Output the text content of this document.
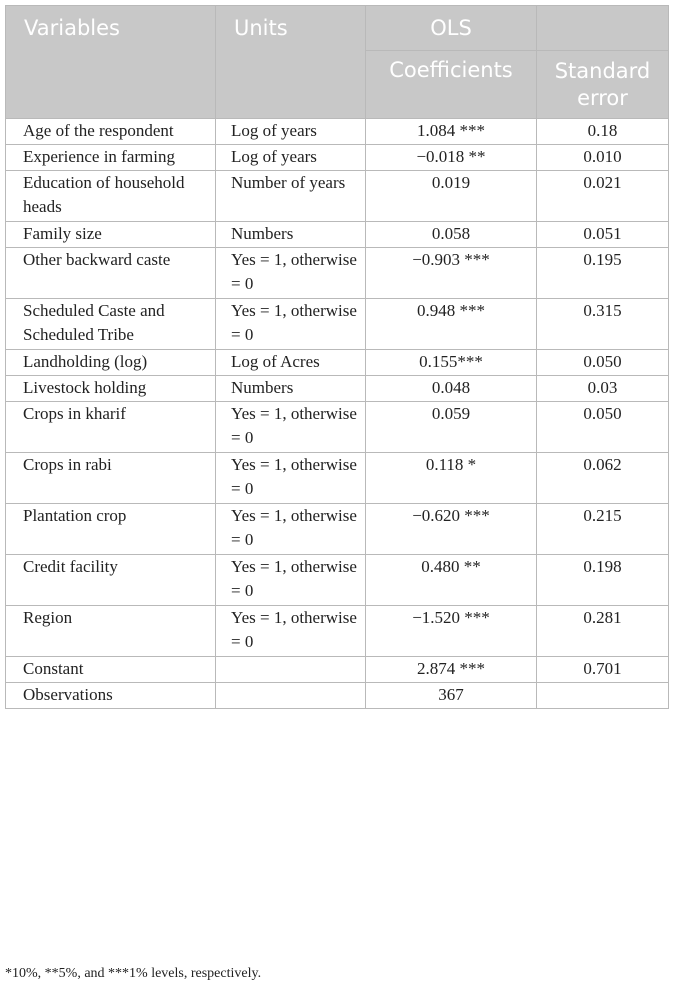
Variables	Units	OLS	
		Coefficients	Standard error
Age of the respondent	Log of years	1.084 ***	0.18
Experience in farming	Log of years	−0.018 **	0.010
Education of household heads	Number of years	0.019	0.021
Family size	Numbers	0.058	0.051
Other backward caste	Yes = 1, otherwise = 0	−0.903 ***	0.195
Scheduled Caste and Scheduled Tribe	Yes = 1, otherwise = 0	0.948 ***	0.315
Landholding (log)	Log of Acres	0.155***	0.050
Livestock holding	Numbers	0.048	0.03
Crops in kharif	Yes = 1, otherwise = 0	0.059	0.050
Crops in rabi	Yes = 1, otherwise = 0	0.118 *	0.062
Plantation crop	Yes = 1, otherwise = 0	−0.620 ***	0.215
Credit facility	Yes = 1, otherwise = 0	0.480 **	0.198
Region	Yes = 1, otherwise = 0	−1.520 ***	0.281
Constant		2.874 ***	0.701
Observations		367	
*10%, **5%, and ***1% levels, respectively.
